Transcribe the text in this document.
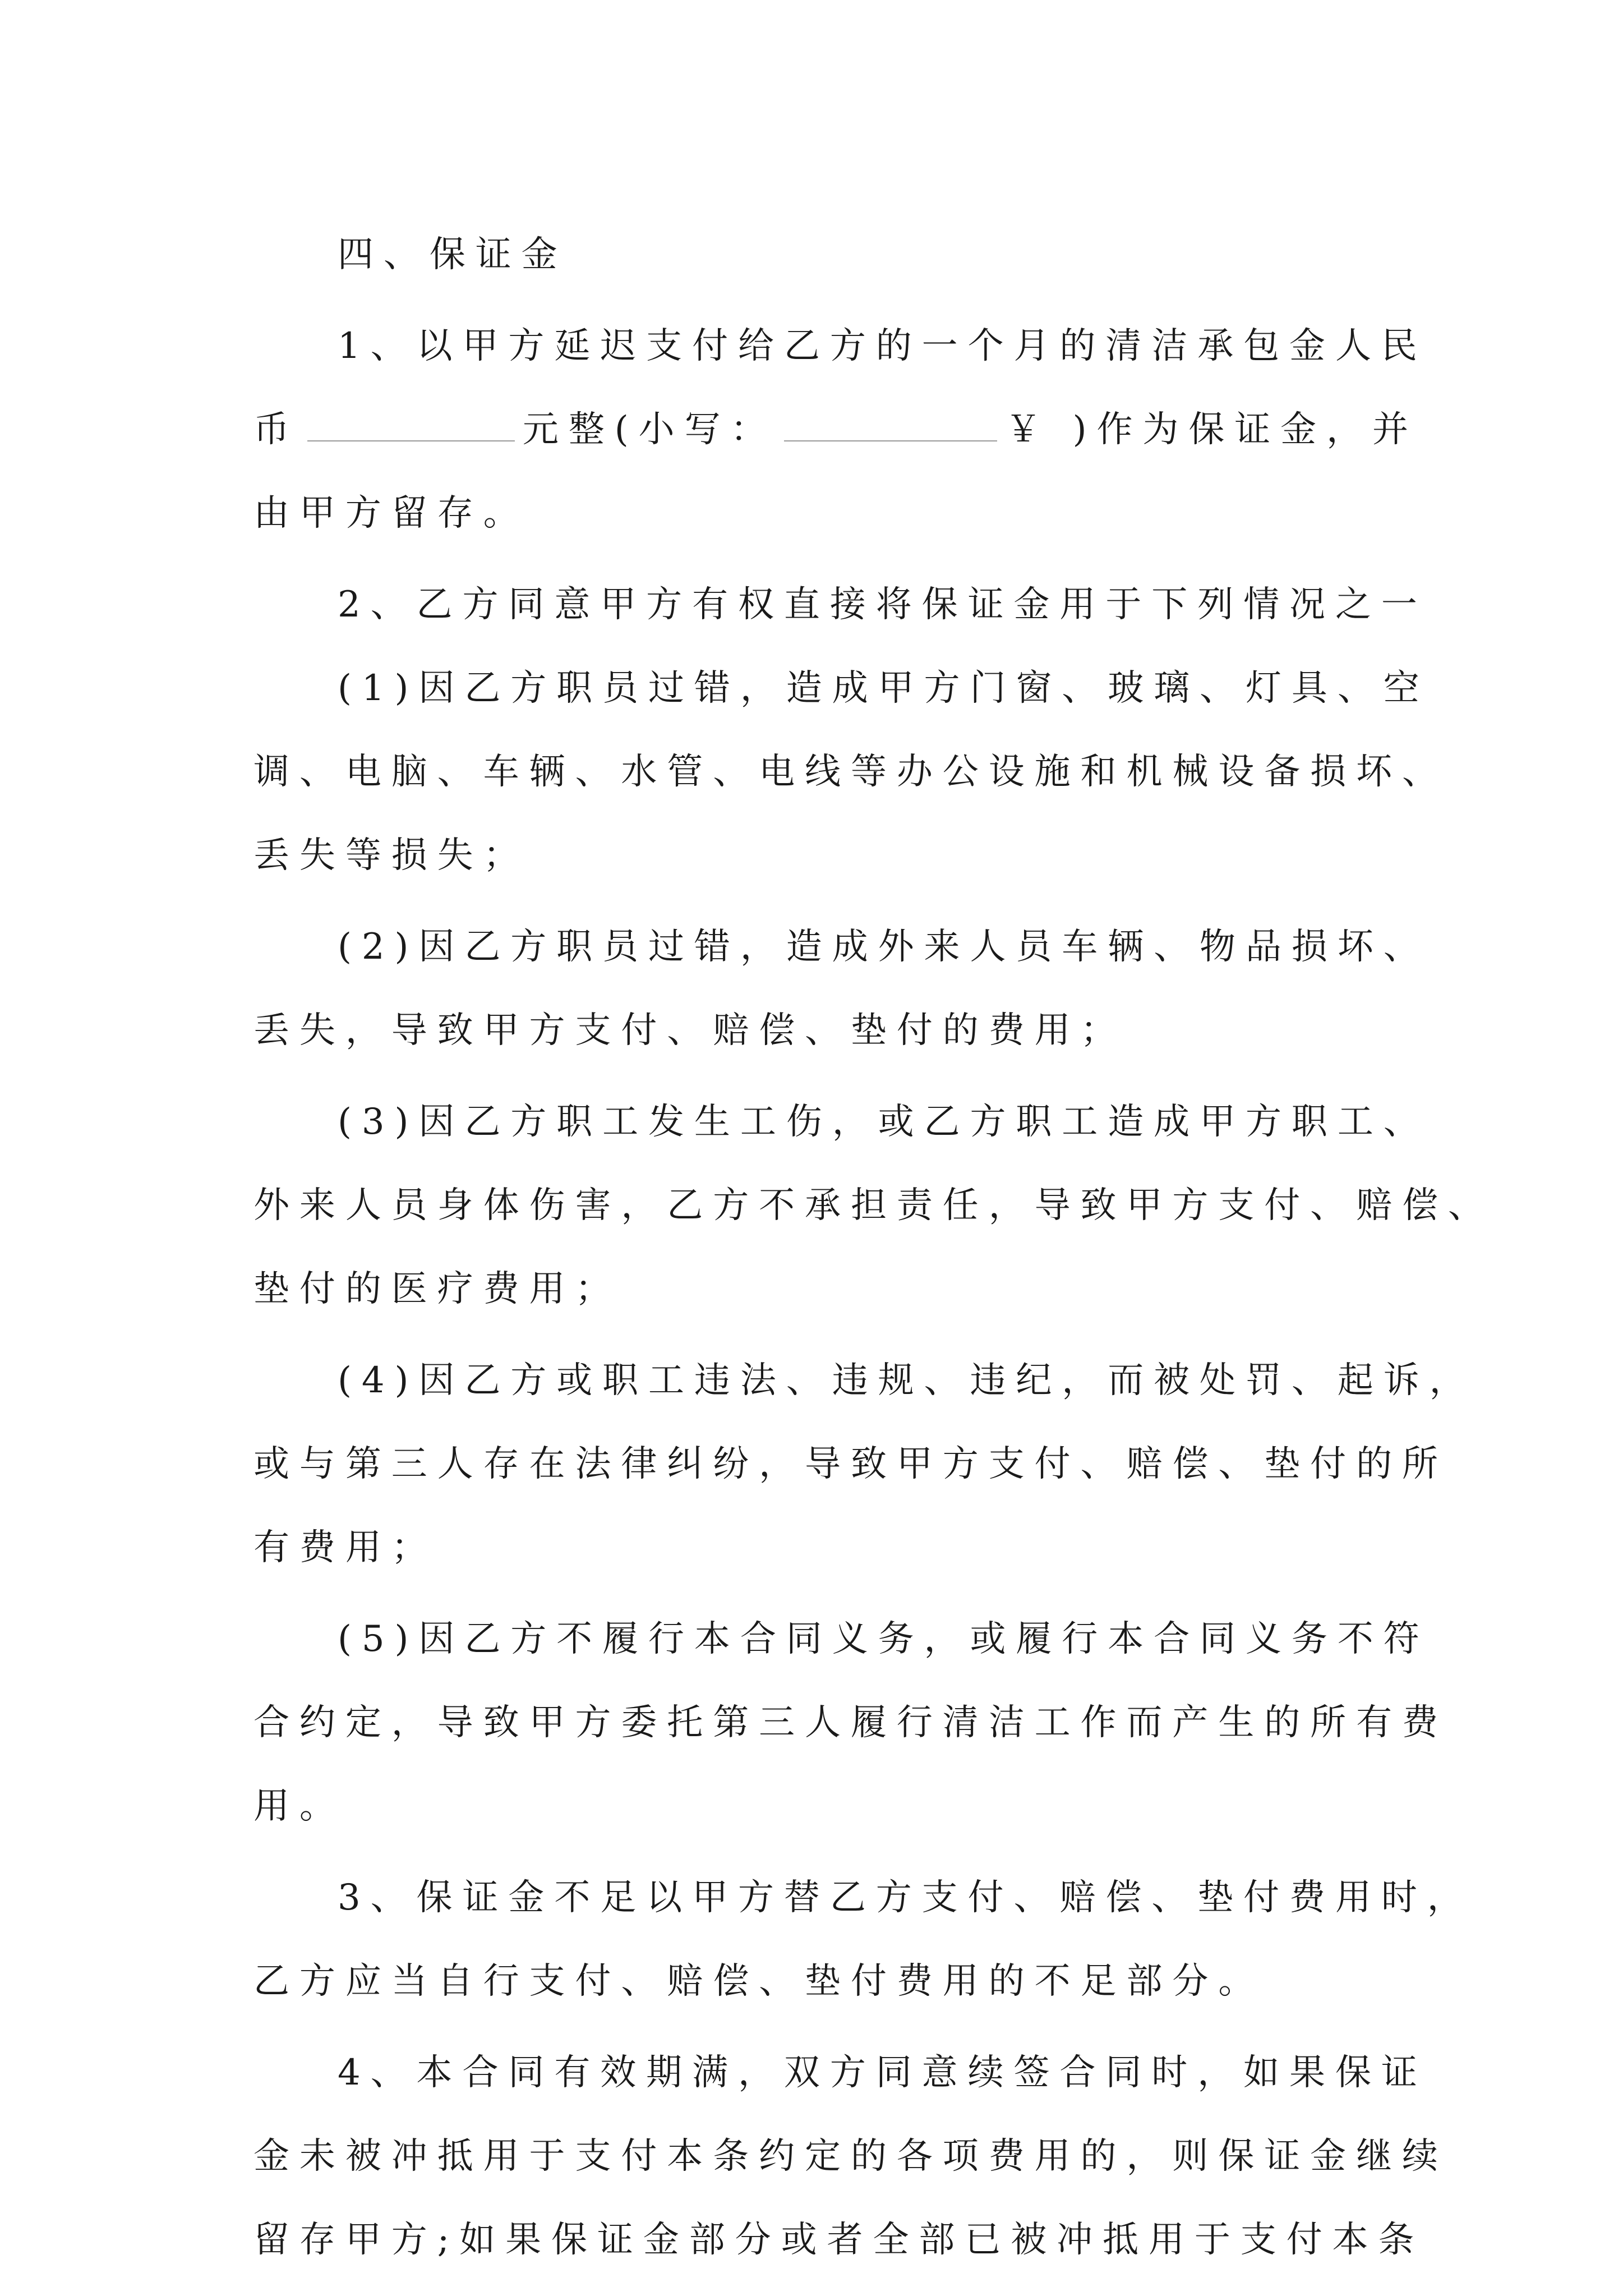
四、保证金
1、以甲方延迟支付给乙方的一个月的清洁承包金人民
币	元整(小写：	￥ )作为保证金，并
由甲方留存。
2、乙方同意甲方有权直接将保证金用于下列情况之一
(1)因乙方职员过错，造成甲方门窗、玻璃、灯具、空
调、电脑、车辆、水管、电线等办公设施和机械设备损坏、
丢失等损失；
(2)因乙方职员过错，造成外来人员车辆、物品损坏、
丢失，导致甲方支付、赔偿、垫付的费用；
(3)因乙方职工发生工伤，或乙方职工造成甲方职工、
外来人员身体伤害，乙方不承担责任，导致甲方支付、赔偿、
垫付的医疗费用；
(4)因乙方或职工违法、违规、违纪，而被处罚、起诉，
或与第三人存在法律纠纷，导致甲方支付、赔偿、垫付的所
有费用；
(5)因乙方不履行本合同义务，或履行本合同义务不符
合约定，导致甲方委托第三人履行清洁工作而产生的所有费
用。
3、保证金不足以甲方替乙方支付、赔偿、垫付费用时，
乙方应当自行支付、赔偿、垫付费用的不足部分。
4、本合同有效期满，双方同意续签合同时，如果保证
金未被冲抵用于支付本条约定的各项费用的，则保证金继续
留存甲方;如果保证金部分或者全部已被冲抵用于支付本条
